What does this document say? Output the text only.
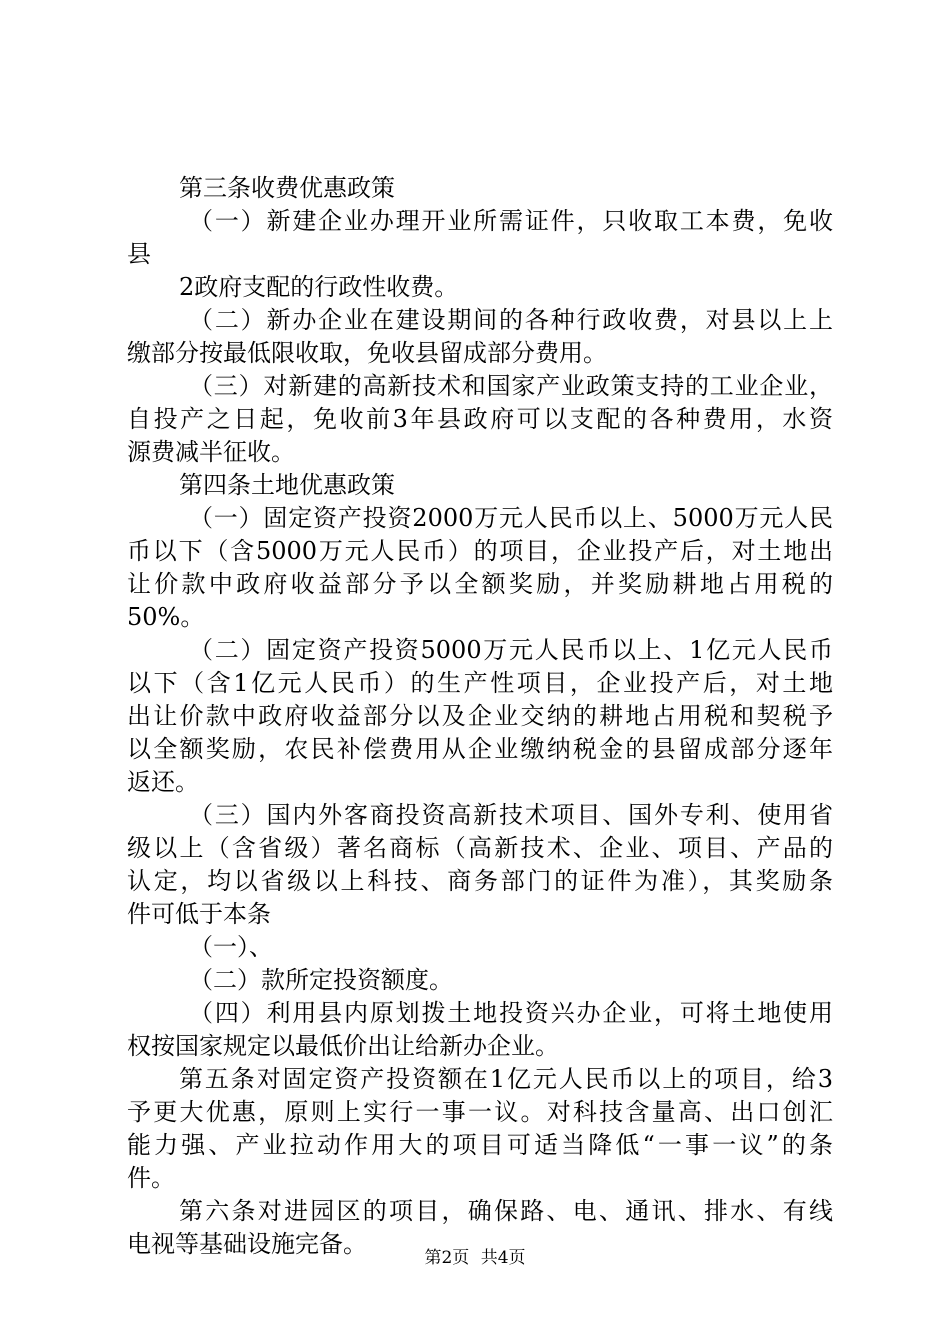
第三条收费优惠政策
（一）新建企业办理开业所需证件，只收取工本费，免收
县
2政府支配的行政性收费。
（二）新办企业在建设期间的各种行政收费，对县以上上
缴部分按最低限收取，免收县留成部分费用。
（三）对新建的高新技术和国家产业政策支持的工业企业，
自投产之日起，免收前3年县政府可以支配的各种费用，水资
源费减半征收。
第四条土地优惠政策
（一）固定资产投资2000万元人民币以上、5000万元人民
币以下（含5000万元人民币）的项目，企业投产后，对土地出
让价款中政府收益部分予以全额奖励，并奖励耕地占用税的
50%。
（二）固定资产投资5000万元人民币以上、1亿元人民币
以下（含1亿元人民币）的生产性项目，企业投产后，对土地
出让价款中政府收益部分以及企业交纳的耕地占用税和契税予
以全额奖励，农民补偿费用从企业缴纳税金的县留成部分逐年
返还。
（三）国内外客商投资高新技术项目、国外专利、使用省
级以上（含省级）著名商标（高新技术、企业、项目、产品的
认定，均以省级以上科技、商务部门的证件为准），其奖励条
件可低于本条
（一）、
（二）款所定投资额度。
（四）利用县内原划拨土地投资兴办企业，可将土地使用
权按国家规定以最低价出让给新办企业。
第五条对固定资产投资额在1亿元人民币以上的项目，给3
予更大优惠，原则上实行一事一议。对科技含量高、出口创汇
能力强、产业拉动作用大的项目可适当降低“一事一议”的条
件。
第六条对进园区的项目，确保路、电、通讯、排水、有线
电视等基础设施完备。	第2页 共4页
